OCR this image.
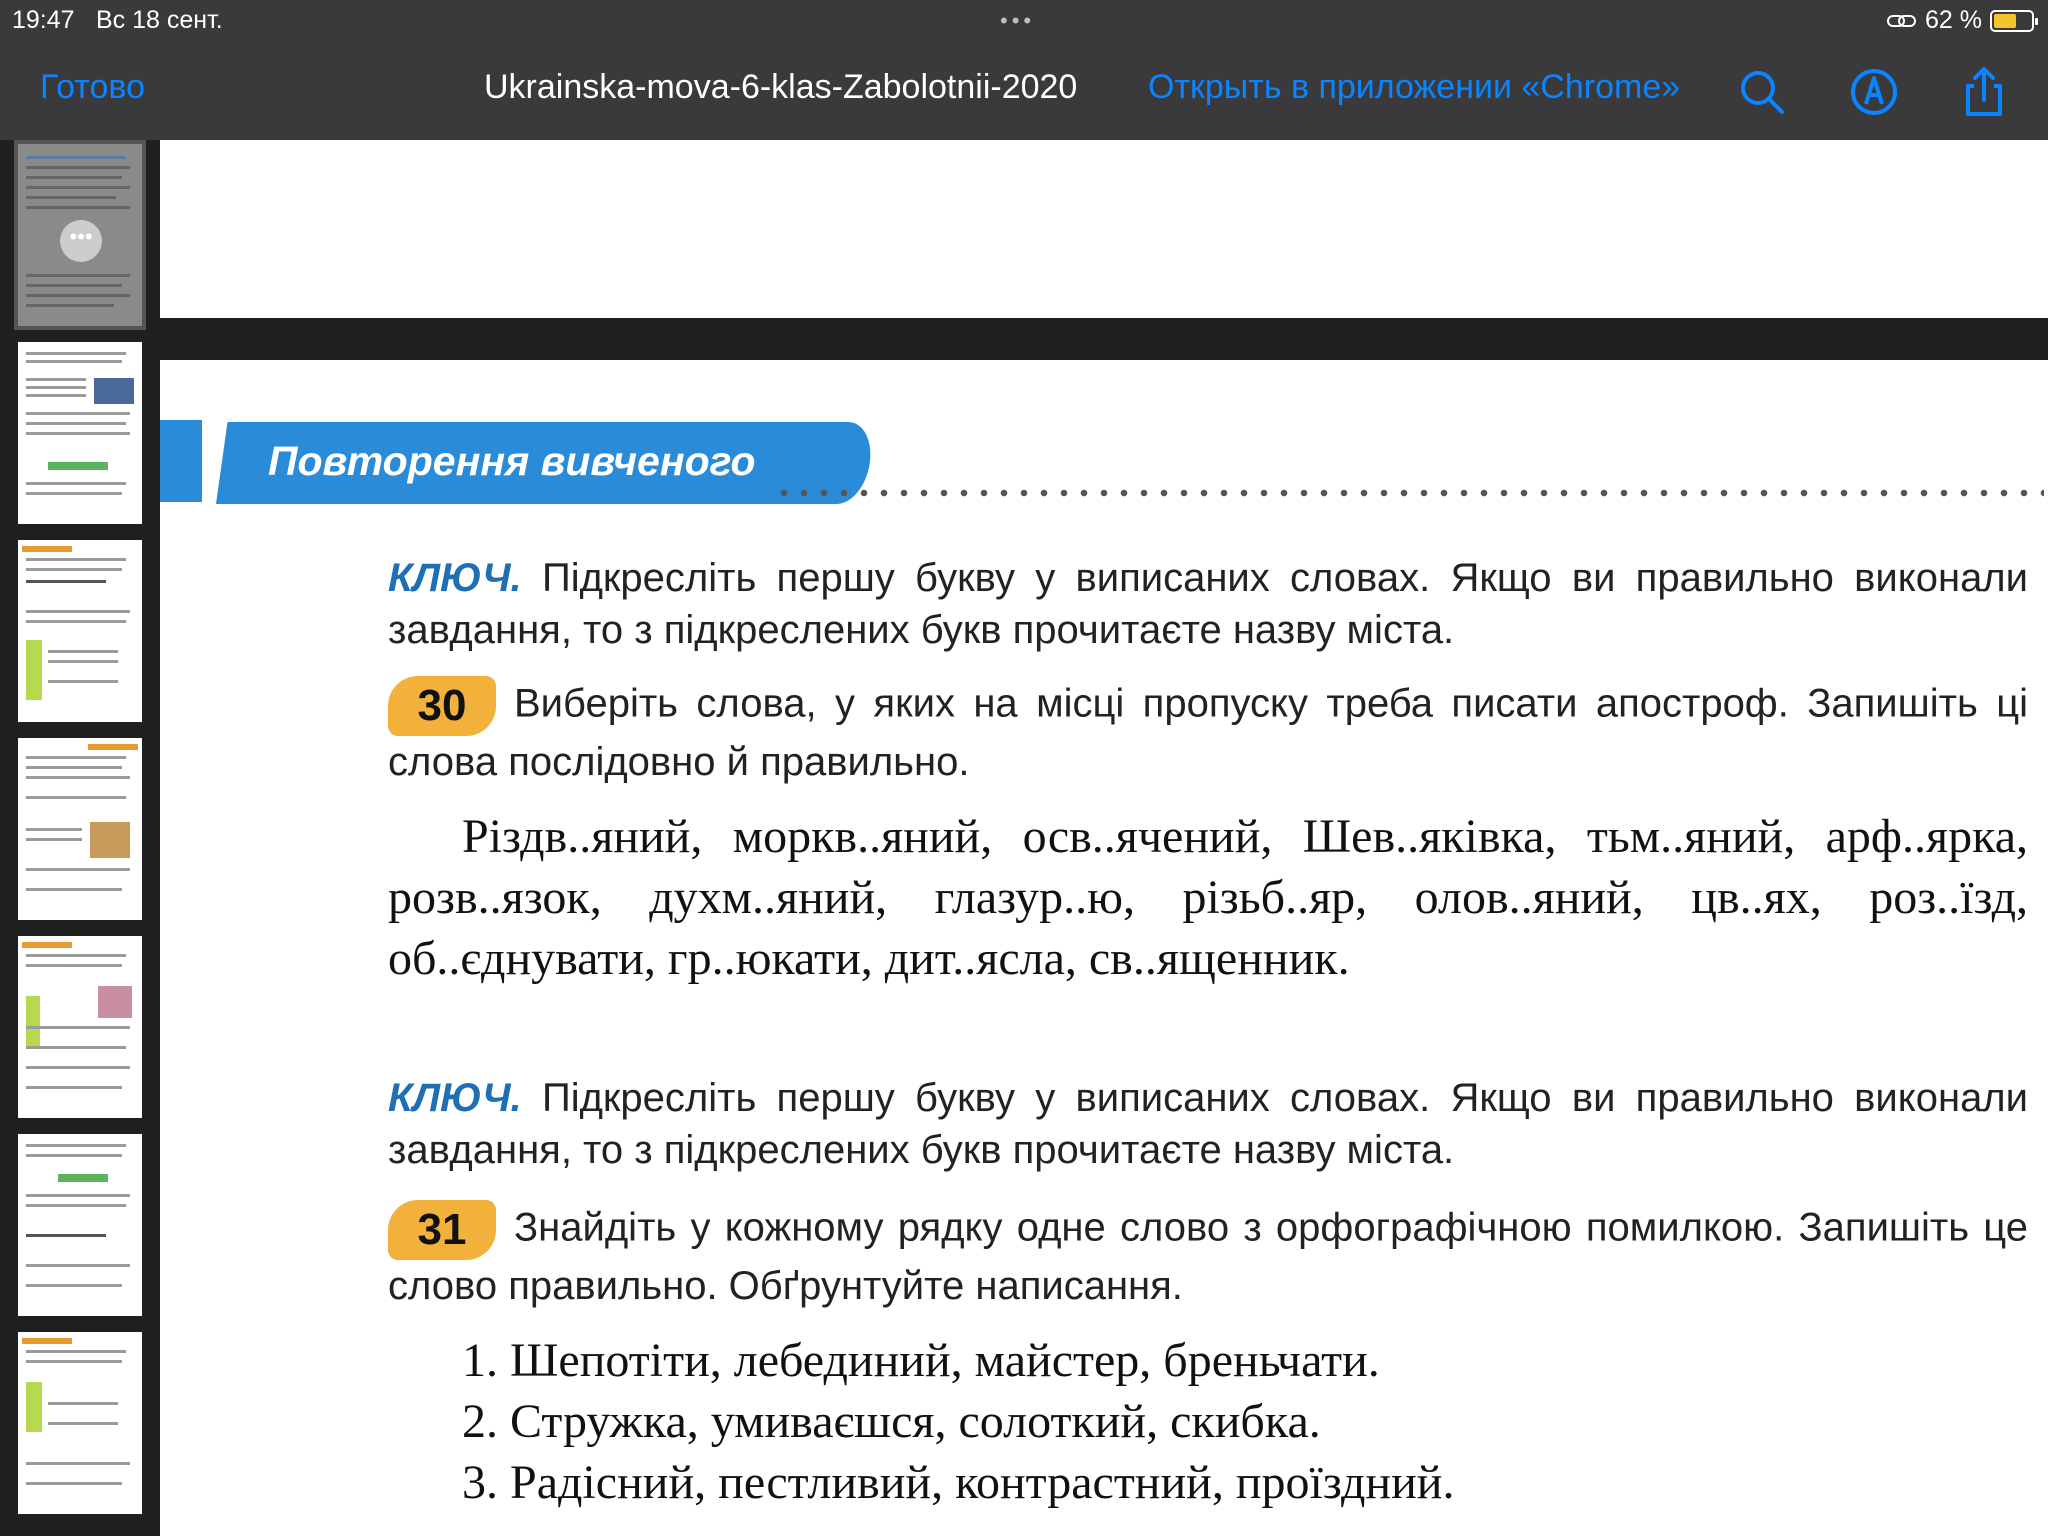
19:47 Вс 18 сент.	•••	62 %
Готово	Ukrainska-mova-6-klas-Zabolotnii-2020 Открыть в приложении «Chrome»
•••
Повторення вивченого
КЛЮЧ. Підкресліть першу букву у виписаних словах. Якщо ви правильно виконали завдання, то з підкреслених букв прочитаєте назву міста.
30 Виберіть слова, у яких на місці пропуску треба писати апостроф. Запишіть ці слова послідовно й правильно.
Різдв..яний, моркв..яний, осв..ячений, Шев..яківка, тьм..яний, арф..ярка, розв..язок, духм..яний, глазур..ю, різьб..яр, олов..яний, цв..ях, роз..їзд, об..єднувати, гр..юкати, дит..ясла, св..ященник.
КЛЮЧ. Підкресліть першу букву у виписаних словах. Якщо ви правильно виконали завдання, то з підкреслених букв прочитаєте назву міста.
31 Знайдіть у кожному рядку одне слово з орфографічною помилкою. Запишіть це слово правильно. Обґрунтуйте написання.
1. Шепотіти, лебединий, майстер, бреньчати.
2. Стружка, умиваєшся, солоткий, скибка.
3. Радісний, пестливий, контрастний, проїздний.
